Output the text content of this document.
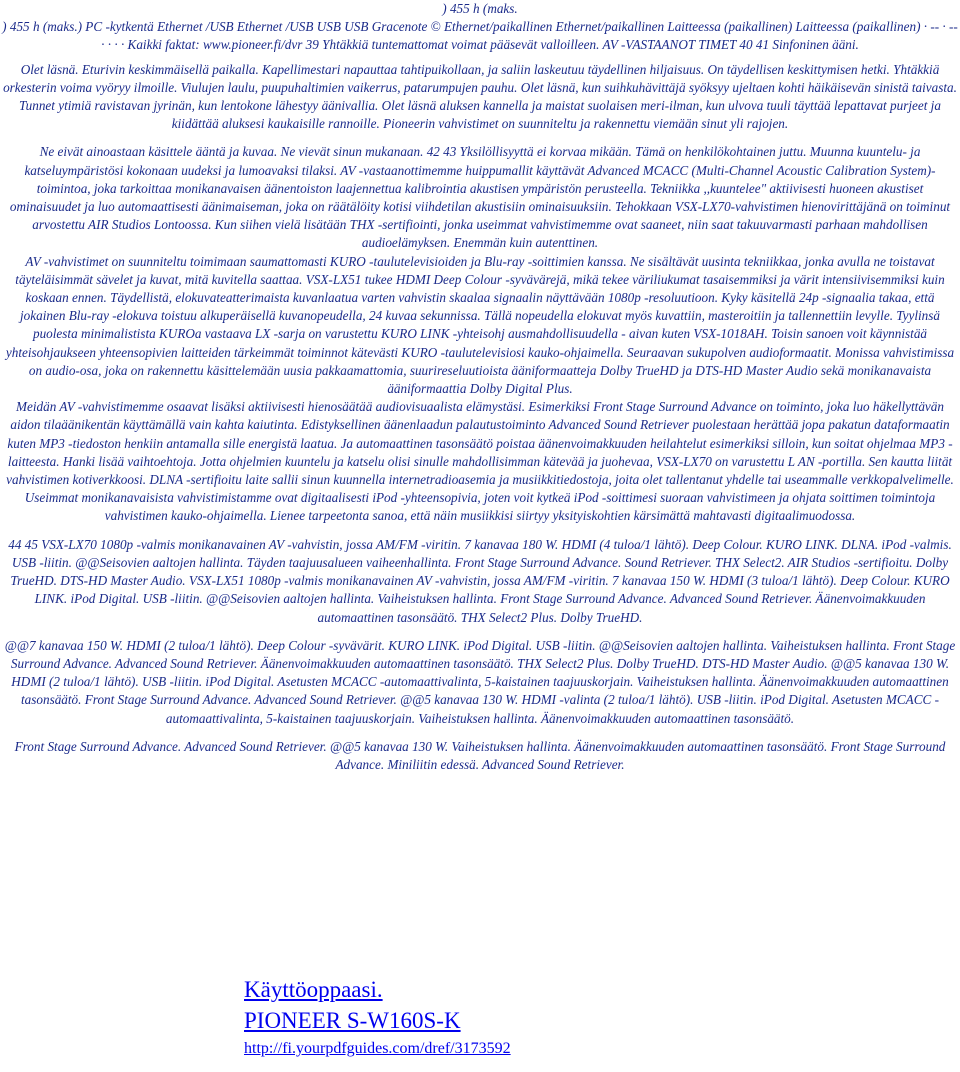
) 455 h (maks.

) 455 h (maks.) PC -kytkentä Ethernet /USB Ethernet /USB USB USB Gracenote © Ethernet/paikallinen Ethernet/paikallinen Laitteessa (paikallinen) Laitteessa (paikallinen) · -- · -- · · · · Kaikki faktat: www.pioneer.fi/dvr 39 Yhtäkkiä tuntemattomat voimat pääsevät valloilleen. AV -VASTAANOT TIMET 40 41 Sinfoninen ääni.

Olet läsnä. Eturivin keskimmäisellä paikalla. Kapellimestari napauttaa tahtipuikollaan, ja saliin laskeutuu täydellinen hiljaisuus. On täydellisen keskittymisen hetki. Yhtäkkiä orkesterin voima vyöryy ilmoille. Viulujen laulu, puupuhaltimien vaikerrus, patarumpujen pauhu. Olet läsnä, kun suihkuhävittäjä syöksyy ujeltaen kohti häikäisevän sinistä taivasta. Tunnet ytimiä ravistavan jyrinän, kun lentokone lähestyy äänivallia. Olet läsnä aluksen kannella ja maistat suolaisen meri-ilman, kun ulvova tuuli täyttää lepattavat purjeet ja kiidättää aluksesi kaukaisille rannoille. Pioneerin vahvistimet on suunniteltu ja rakennettu viemään sinut yli rajojen.

Ne eivät ainoastaan käsittele ääntä ja kuvaa. Ne vievät sinun mukanaan. 42 43 Yksilöllisyyttä ei korvaa mikään. Tämä on henkilökohtainen juttu. Muunna kuuntelu- ja katseluympäristösi kokonaan uudeksi ja lumoavaksi tilaksi. AV -vastaanottimemme huippumallit käyttävät Advanced MCACC (Multi-Channel Acoustic Calibration System)- toimintoa, joka tarkoittaa monikanavaisen äänentoiston laajennettua kalibrointia akustisen ympäristön perusteella. Tekniikka ,,kuuntelee" aktiivisesti huoneen akustiset ominaisuudet ja luo automaattisesti äänimaiseman, joka on räätälöity kotisi viihdetilan akustisiin ominaisuuksiin. Tehokkaan VSX-LX70-vahvistimen hienovirittäjänä on toiminut arvostettu AIR Studios Lontoossa. Kun siihen vielä lisätään THX -sertifiointi, jonka useimmat vahvistimemme ovat saaneet, niin saat takuuvarmasti parhaan mahdollisen audioelämyksen. Enemmän kuin autenttinen.

AV -vahvistimet on suunniteltu toimimaan saumattomasti KURO -taulutelevisioiden ja Blu-ray -soittimien kanssa. Ne sisältävät uusinta tekniikkaa, jonka avulla ne toistavat täyteläisimmät sävelet ja kuvat, mitä kuvitella saattaa. VSX-LX51 tukee HDMI Deep Colour -syvävärejä, mikä tekee väriliukumat tasaisemmiksi ja värit intensiivisemmiksi kuin koskaan ennen. Täydellistä, elokuvateatterimaista kuvanlaatua varten vahvistin skaalaa signaalin näyttävään 1080p -resoluutioon. Kyky käsitellä 24p -signaalia takaa, että jokainen Blu-ray -elokuva toistuu alkuperäisellä kuvanopeudella, 24 kuvaa sekunnissa. Tällä nopeudella elokuvat myös kuvattiin, masteroitiin ja tallennettiin levylle. Tyylinsä puolesta minimalistista KUROa vastaava LX -sarja on varustettu KURO LINK -yhteisohj ausmahdollisuudella - aivan kuten VSX-1018AH. Toisin sanoen voit käynnistää yhteisohjaukseen yhteensopivien laitteiden tärkeimmät toiminnot kätevästi KURO -taulutelevisiosi kauko-ohjaimella. Seuraavan sukupolven audioformaatit. Monissa vahvistimissa on audio-osa, joka on rakennettu käsittelemään uusia pakkaamattomia, suurireseluutioista ääniformaatteja Dolby TrueHD ja DTS-HD Master Audio sekä monikanavaista ääniformaattia Dolby Digital Plus.

Meidän AV -vahvistimemme osaavat lisäksi aktiivisesti hienosäätää audiovisuaalista elämystäsi. Esimerkiksi Front Stage Surround Advance on toiminto, joka luo häkellyttävän aidon tilaäänikentän käyttämällä vain kahta kaiutinta. Edistyksellinen äänenlaadun palautustoiminto Advanced Sound Retriever puolestaan herättää jopa pakatun dataformaatin kuten MP3 -tiedoston henkiin antamalla sille energistä laatua. Ja automaattinen tasonsäätö poistaa äänenvoimakkuuden heilahtelut esimerkiksi silloin, kun soitat ohjelmaa MP3 -laitteesta. Hanki lisää vaihtoehtoja. Jotta ohjelmien kuuntelu ja katselu olisi sinulle mahdollisimman kätevää ja juohevaa, VSX-LX70 on varustettu L AN -portilla. Sen kautta liität vahvistimen kotiverkkoosi. DLNA -sertifioitu laite sallii sinun kuunnella internetradioasemia ja musiikkitiedostoja, joita olet tallentanut yhdelle tai useammalle verkkopalvelimelle. Useimmat monikanavaisista vahvistimistamme ovat digitaalisesti iPod -yhteensopivia, joten voit kytkeä iPod -soittimesi suoraan vahvistimeen ja ohjata soittimen toimintoja vahvistimen kauko-ohjaimella. Lienee tarpeetonta sanoa, että näin musiikkisi siirtyy yksityiskohtien kärsimättä mahtavasti digitaalimuodossa.

44 45 VSX-LX70 1080p -valmis monikanavainen AV -vahvistin, jossa AM/FM -viritin. 7 kanavaa 180 W. HDMI (4 tuloa/1 lähtö). Deep Colour. KURO LINK. DLNA. iPod -valmis. USB -liitin. @@Seisovien aaltojen hallinta. Täyden taajuusalueen vaiheenhallinta. Front Stage Surround Advance. Sound Retriever. THX Select2. AIR Studios -sertifioitu. Dolby TrueHD. DTS-HD Master Audio. VSX-LX51 1080p -valmis monikanavainen AV -vahvistin, jossa AM/FM -viritin. 7 kanavaa 150 W. HDMI (3 tuloa/1 lähtö). Deep Colour. KURO LINK. iPod Digital. USB -liitin. @@Seisovien aaltojen hallinta. Vaiheistuksen hallinta. Front Stage Surround Advance. Advanced Sound Retriever. Äänenvoimakkuuden automaattinen tasonsäätö. THX Select2 Plus. Dolby TrueHD.

@@7 kanavaa 150 W. HDMI (2 tuloa/1 lähtö). Deep Colour -syvävärit. KURO LINK. iPod Digital. USB -liitin. @@Seisovien aaltojen hallinta. Vaiheistuksen hallinta. Front Stage Surround Advance. Advanced Sound Retriever. Äänenvoimakkuuden automaattinen tasonsäätö. THX Select2 Plus. Dolby TrueHD. DTS-HD Master Audio. @@5 kanavaa 130 W. HDMI (2 tuloa/1 lähtö). USB -liitin. iPod Digital. Asetusten MCACC -automaattivalinta, 5-kaistainen taajuuskorjain. Vaiheistuksen hallinta. Äänenvoimakkuuden automaattinen tasonsäätö. Front Stage Surround Advance. Advanced Sound Retriever. @@5 kanavaa 130 W. HDMI -valinta (2 tuloa/1 lähtö). USB -liitin. iPod Digital. Asetusten MCACC -automaattivalinta, 5-kaistainen taajuuskorjain. Vaiheistuksen hallinta. Äänenvoimakkuuden automaattinen tasonsäätö.

Front Stage Surround Advance. Advanced Sound Retriever. @@5 kanavaa 130 W. Vaiheistuksen hallinta. Äänenvoimakkuuden automaattinen tasonsäätö. Front Stage Surround Advance. Miniliitin edessä. Advanced Sound Retriever.

Käyttöoppaasi.
PIONEER S-W160S-K
http://fi.yourpdfguides.com/dref/3173592
